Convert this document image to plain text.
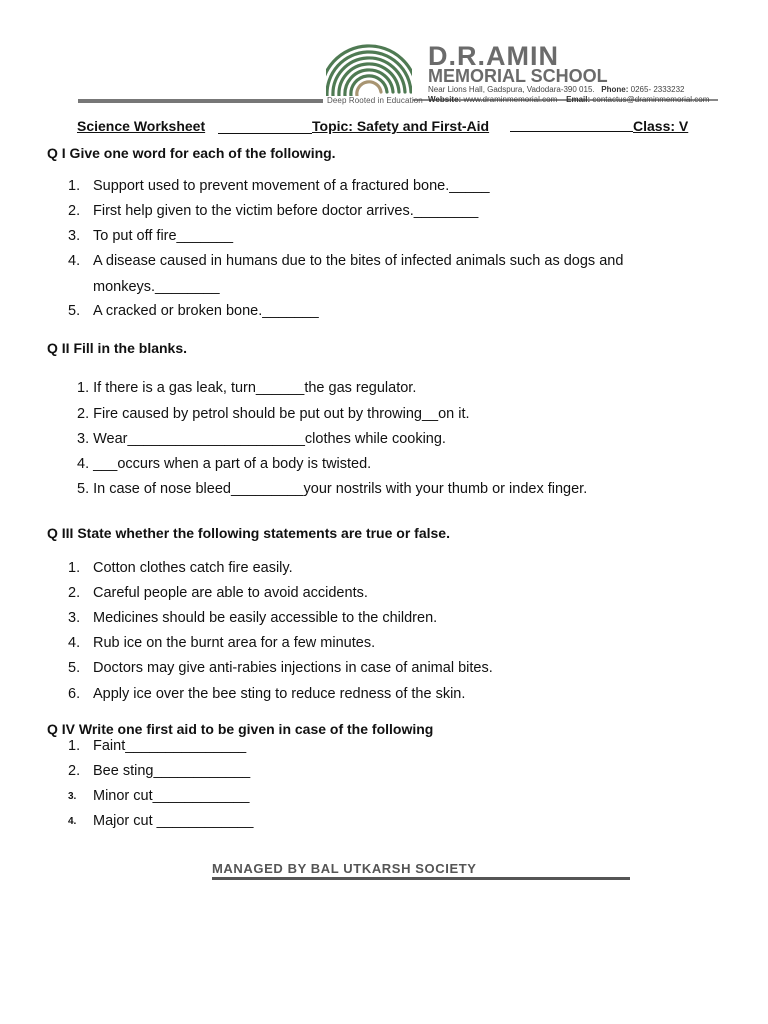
Deep Rooted in Education
D.R.AMIN
MEMORIAL SCHOOL
Near Lions Hall, Gadspura, Vadodara-390 015. Phone: 0265- 2333232
Website: www.draminmemorial.com Email: contactus@draminmemorial.com
Science Worksheet	Topic: Safety and First-Aid	Class: V
Q I Give one word for each of the following.
1. Support used to prevent movement of a fractured bone._____
2. First help given to the victim before doctor arrives.________
3. To put off fire_______
4. A disease caused in humans due to the bites of infected animals such as dogs and
monkeys.________
5. A cracked or broken bone._______
Q II Fill in the blanks.
1. If there is a gas leak, turn______the gas regulator.
2. Fire caused by petrol should be put out by throwing__on it.
3. Wear______________________clothes while cooking.
4. ___occurs when a part of a body is twisted.
5. In case of nose bleed_________your nostrils with your thumb or index finger.
Q III State whether the following statements are true or false.
1. Cotton clothes catch fire easily.
2. Careful people are able to avoid accidents.
3. Medicines should be easily accessible to the children.
4. Rub ice on the burnt area for a few minutes.
5. Doctors may give anti-rabies injections in case of animal bites.
6. Apply ice over the bee sting to reduce redness of the skin.
Q IV Write one first aid to be given in case of the following
1. Faint_______________
2. Bee sting____________
3. Minor cut____________
4. Major cut ____________
MANAGED BY BAL UTKARSH SOCIETY
